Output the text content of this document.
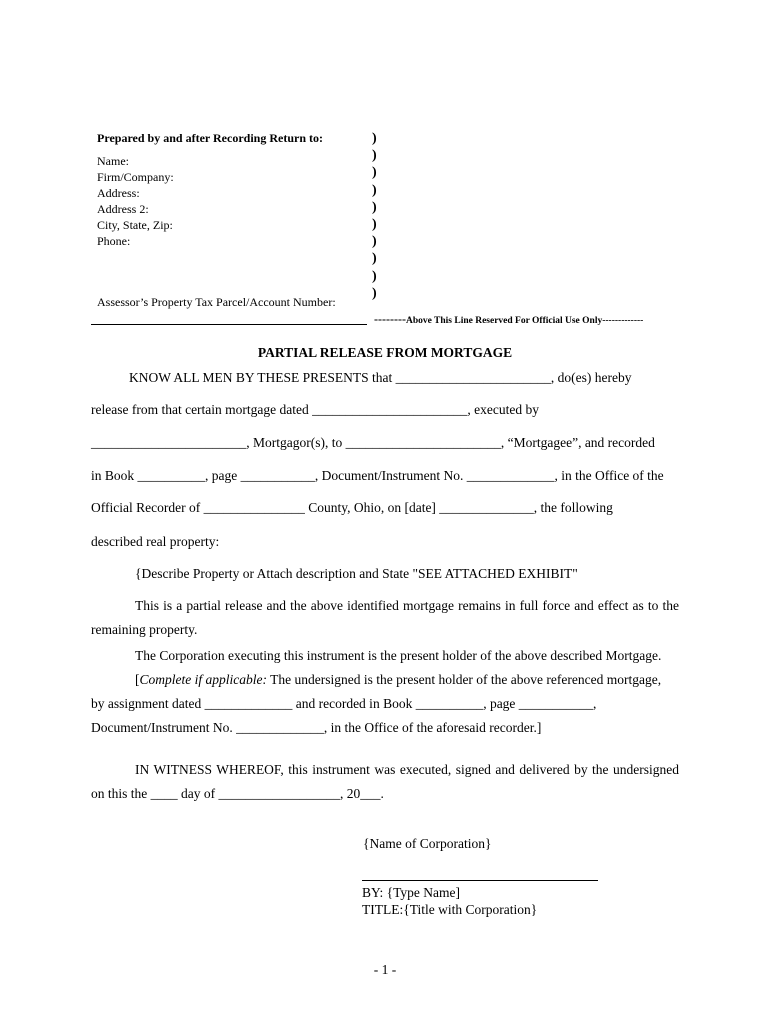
Prepared by and after Recording Return to:
Name:
Firm/Company:
Address:
Address 2:
City, State, Zip:
Phone:
Assessor’s Property Tax Parcel/Account Number:
)
)
)
)
)
)
)
)
)
)
--------Above This Line Reserved For Official Use Only-------------
PARTIAL RELEASE FROM MORTGAGE
KNOW ALL MEN BY THESE PRESENTS that _______________________, do(es) hereby
release from that certain mortgage dated _______________________, executed by
_______________________, Mortgagor(s), to _______________________, “Mortgagee”, and recorded
in Book __________, page ___________, Document/Instrument No. _____________, in the Office of the
Official Recorder of _______________ County, Ohio, on [date] ______________, the following
described real property:
{Describe Property or Attach description and State "SEE ATTACHED EXHIBIT"
This is a partial release and the above identified mortgage remains in full force and effect as to the remaining property.
The Corporation executing this instrument is the present holder of the above described Mortgage.
[Complete if applicable: The undersigned is the present holder of the above referenced mortgage,
by assignment dated _____________ and recorded in Book __________, page ___________,
Document/Instrument No. _____________, in the Office of the aforesaid recorder.]
IN WITNESS WHEREOF, this instrument was executed, signed and delivered by the undersigned on this the ____ day of __________________, 20___.
{Name of Corporation}
BY: {Type Name]
TITLE:{Title with Corporation}
- 1 -
